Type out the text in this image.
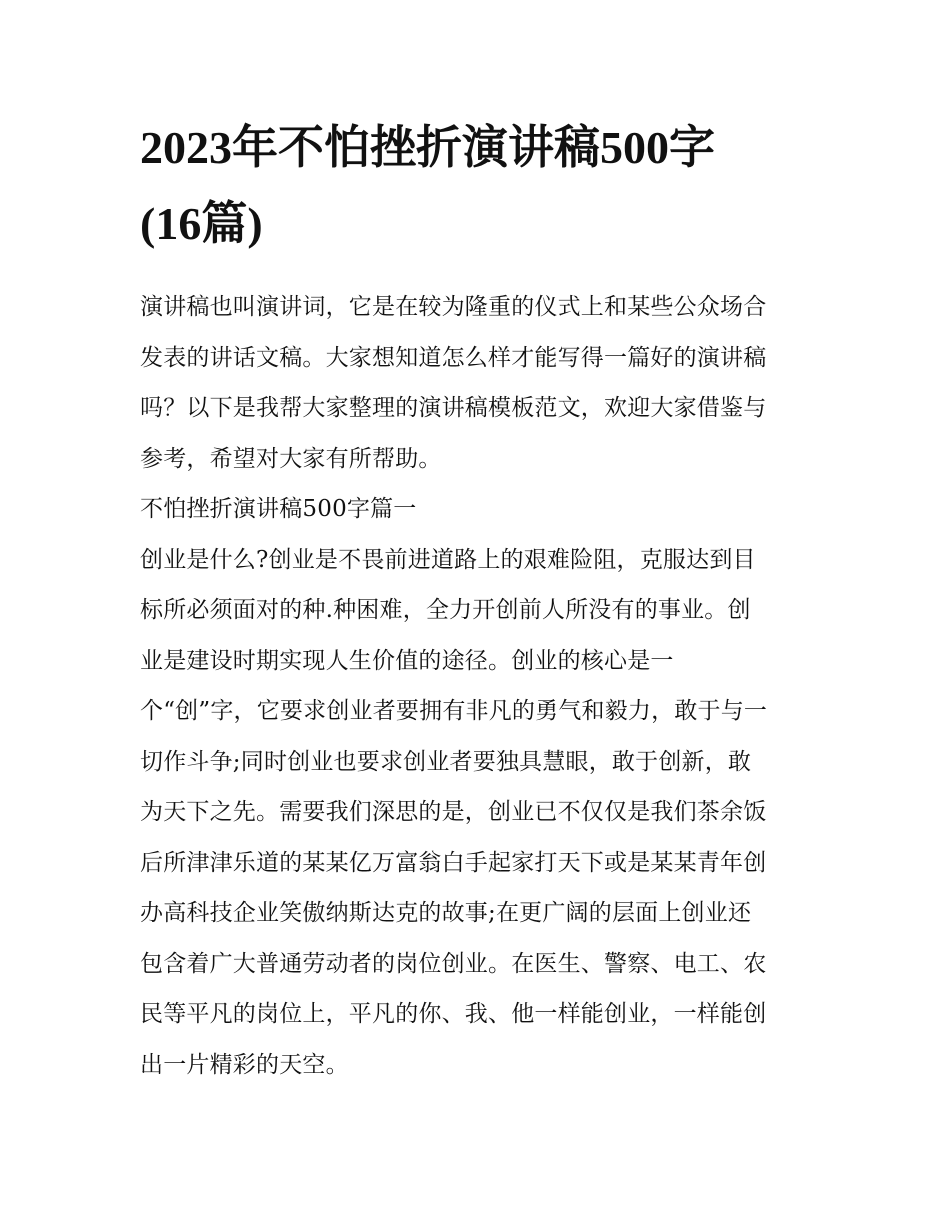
2023年不怕挫折演讲稿500字
(16篇)
演讲稿也叫演讲词，它是在较为隆重的仪式上和某些公众场合
发表的讲话文稿。大家想知道怎么样才能写得一篇好的演讲稿
吗？以下是我帮大家整理的演讲稿模板范文，欢迎大家借鉴与
参考，希望对大家有所帮助。
不怕挫折演讲稿500字篇一
创业是什么?创业是不畏前进道路上的艰难险阻，克服达到目
标所必须面对的种.种困难，全力开创前人所没有的事业。创
业是建设时期实现人生价值的途径。创业的核心是一
个“创”字，它要求创业者要拥有非凡的勇气和毅力，敢于与一
切作斗争;同时创业也要求创业者要独具慧眼，敢于创新，敢
为天下之先。需要我们深思的是，创业已不仅仅是我们茶余饭
后所津津乐道的某某亿万富翁白手起家打天下或是某某青年创
办高科技企业笑傲纳斯达克的故事;在更广阔的层面上创业还
包含着广大普通劳动者的岗位创业。在医生、警察、电工、农
民等平凡的岗位上，平凡的你、我、他一样能创业，一样能创
出一片精彩的天空。
